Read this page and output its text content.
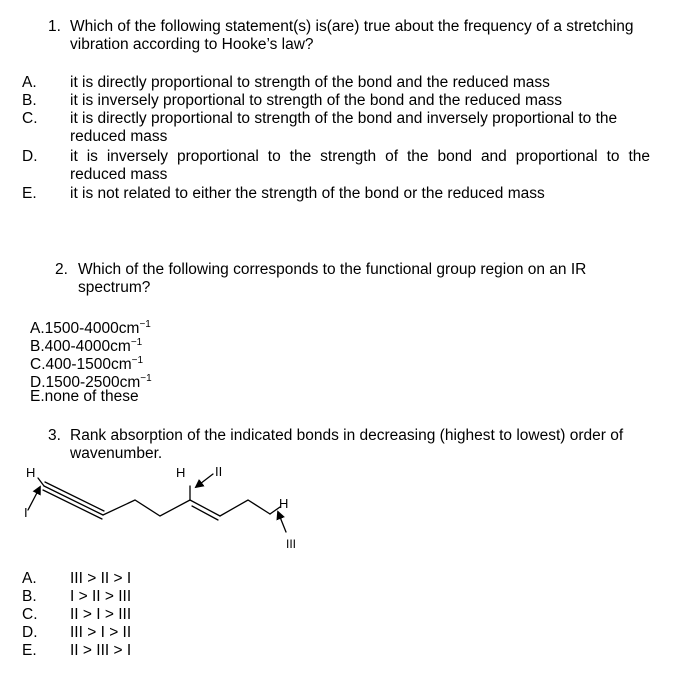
1. Which of the following statement(s) is(are) true about the frequency of a stretching
vibration according to Hooke’s law?
A. it is directly proportional to strength of the bond and the reduced mass
B. it is inversely proportional to strength of the bond and the reduced mass
C. it is directly proportional to strength of the bond and inversely proportional to the
reduced mass
D. it is inversely proportional to the strength of the bond and proportional to the
reduced mass
E. it is not related to either the strength of the bond or the reduced mass
2. Which of the following corresponds to the functional group region on an IR
spectrum?
$A.1500-4000cm^{-1}$
$B.400-4000cm^{-1}$
$C.400-1500cm^{-1}$
$D.1500-2500cm^{-1}$
E.none of these
3. Rank absorption of the indicated bonds in decreasing (highest to lowest) order of
wavenumber.
H
I
H II
H
III
A. III > II > I
B. I > II > III
C. II > I > III
D. III > I > II
E. II > III > I
